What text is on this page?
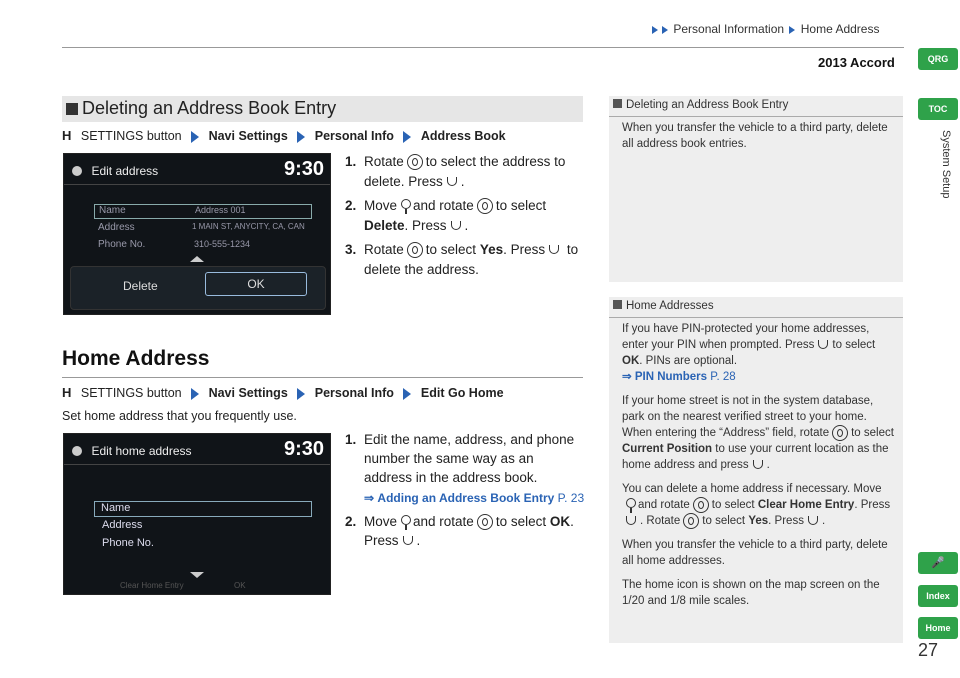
Personal Information Home Address
2013 Accord	QRG
TOC
System Setup
🎤
Index
Home
27
Deleting an Address Book Entry
H SETTINGS button Navi Settings Personal Info Address Book
Edit address	9:30
Name	Address 001
Address	1 MAIN ST, ANYCITY, CA, CAN
Phone No.	310-555-1234
Delete	OK
1. Rotate to select the address to delete. Press .
2. Move and rotate to select Delete. Press .
3. Rotate to select Yes. Press to delete the address.
Home Address
H SETTINGS button Navi Settings Personal Info Edit Go Home
Set home address that you frequently use.
Edit home address	9:30
Name
Address
Phone No.
Clear Home Entry	OK
1. Edit the name, address, and phone number the same way as an address in the address book.
⇒ Adding an Address Book Entry P. 23
2. Move and rotate to select OK. Press .
Deleting an Address Book Entry

When you transfer the vehicle to a third party, delete all address book entries.

Home Addresses

If you have PIN-protected your home addresses, enter your PIN when prompted. Press to select OK. PINs are optional.

⇒ PIN Numbers P. 28

If your home street is not in the system database, park on the nearest verified street to your home. When entering the “Address” field, rotate to select Current Position to use your current location as the home address and press .

You can delete a home address if necessary. Moveand rotate to select Clear Home Entry. Press. Rotate to select Yes. Press .

When you transfer the vehicle to a third party, delete all home addresses.

The home icon is shown on the map screen on the 1/20 and 1/8 mile scales.
